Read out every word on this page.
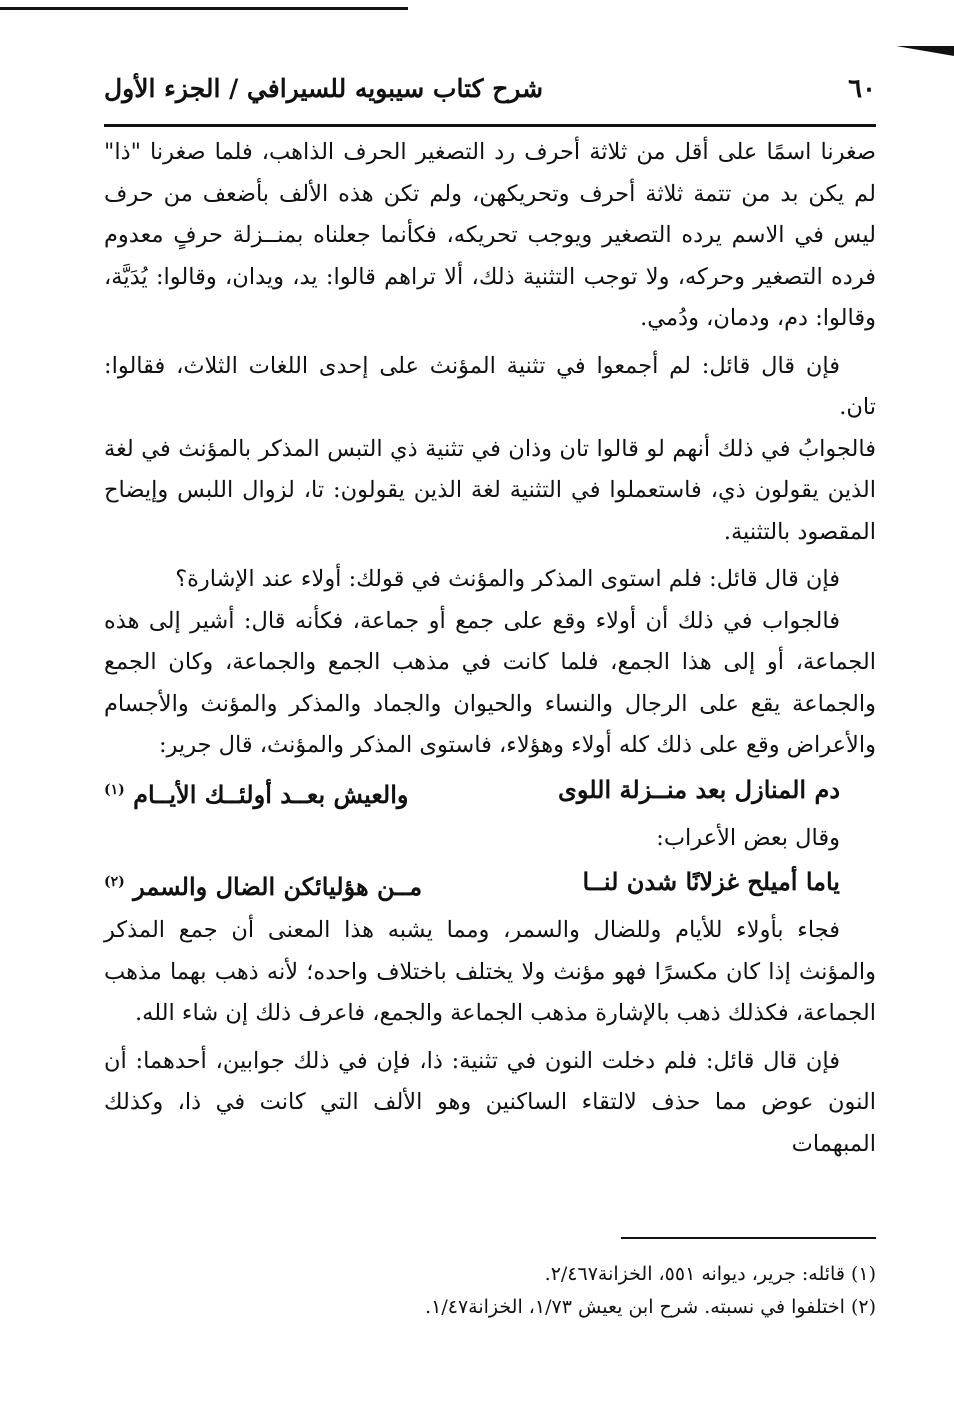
٦٠
شرح كتاب سيبويه للسيرافي / الجزء الأول

صغرنا اسمًا على أقل من ثلاثة أحرف رد التصغير الحرف الذاهب، فلما صغرنا "ذا" لم يكن بد من تتمة ثلاثة أحرف وتحريكهن، ولم تكن هذه الألف بأضعف من حرف ليس في الاسم يرده التصغير ويوجب تحريكه، فكأنما جعلناه بمنــزلة حرفٍ معدوم فرده التصغير وحركه، ولا توجب التثنية ذلك، ألا تراهم قالوا: يد، ويدان، وقالوا: يُدَيَّة، وقالوا: دم، ودمان، ودُمي.

فإن قال قائل: لم أجمعوا في تثنية المؤنث على إحدى اللغات الثلاث، فقالوا: تان.

فالجوابُ في ذلك أنهم لو قالوا تان وذان في تثنية ذي التبس المذكر بالمؤنث في لغة الذين يقولون ذي، فاستعملوا في التثنية لغة الذين يقولون: تا، لزوال اللبس وإيضاح المقصود بالتثنية.

فإن قال قائل: فلم استوى المذكر والمؤنث في قولك: أولاء عند الإشارة؟

فالجواب في ذلك أن أولاء وقع على جمع أو جماعة، فكأنه قال: أشير إلى هذه الجماعة، أو إلى هذا الجمع، فلما كانت في مذهب الجمع والجماعة، وكان الجمع والجماعة يقع على الرجال والنساء والحيوان والجماد والمذكر والمؤنث والأجسام والأعراض وقع على ذلك كله أولاء وهؤلاء، فاستوى المذكر والمؤنث، قال جرير:

دم المنازل بعد منــزلة اللوى
والعيش بعــد أولئــك الأيــام $^{(١)}$

وقال بعض الأعراب:

ياما أميلح غزلانًا شدن لنــا
مــن هؤليائكن الضال والسمر $^{(٢)}$

فجاء بأولاء للأيام وللضال والسمر، ومما يشبه هذا المعنى أن جمع المذكر والمؤنث إذا كان مكسرًا فهو مؤنث ولا يختلف باختلاف واحده؛ لأنه ذهب بهما مذهب الجماعة، فكذلك ذهب بالإشارة مذهب الجماعة والجمع، فاعرف ذلك إن شاء الله.

فإن قال قائل: فلم دخلت النون في تثنية: ذا، فإن في ذلك جوابين، أحدهما: أن النون عوض مما حذف لالتقاء الساكنين وهو الألف التي كانت في ذا، وكذلك المبهمات

(١) قائله: جرير، ديوانه ٥٥١، الخزانة٢/٤٦٧.

(٢) اختلفوا في نسبته. شرح ابن يعيش ١/٧٣، الخزانة١/٤٧.
